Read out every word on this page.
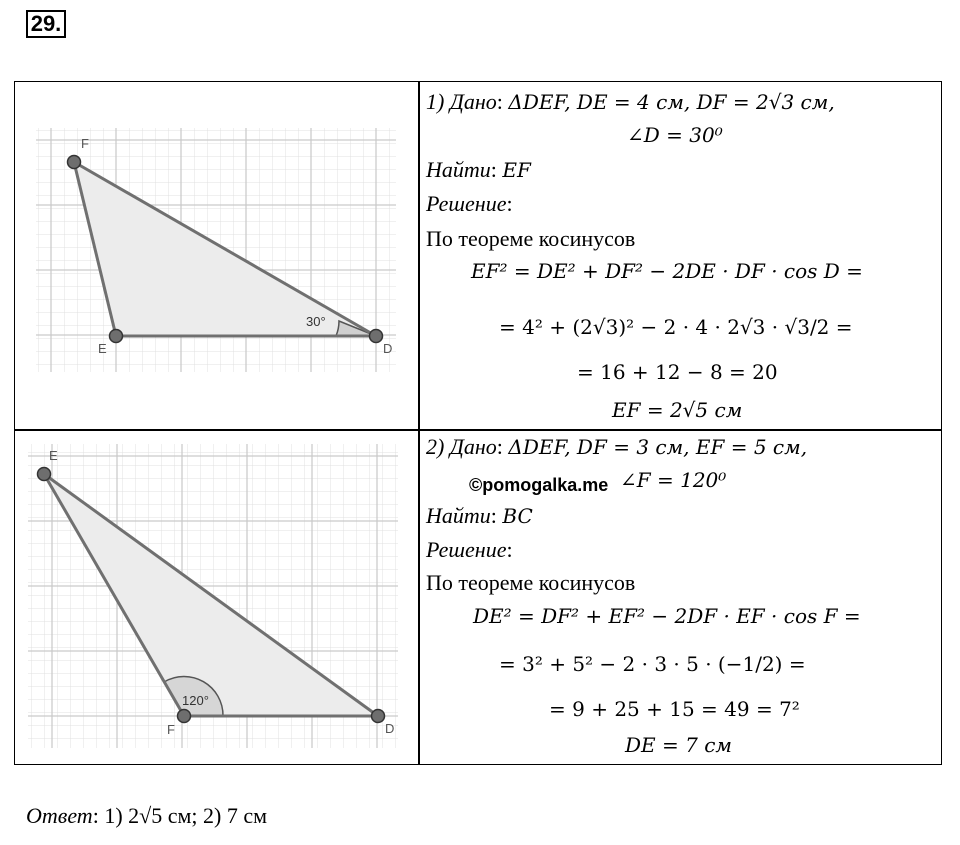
29.
F
E	D
30°
E
F	D
120°
1) Дано: ΔDEF, DE = 4 см, DF = 2√3 см,
∠D = 30⁰
Найти: EF
Решение:
По теореме косинусов
EF² = DE² + DF² − 2DE · DF · cos D =
= 4² + (2√3)² − 2 · 4 · 2√3 · √3/2 =
= 16 + 12 − 8 = 20
EF = 2√5 см
2) Дано: ΔDEF, DF = 3 см, EF = 5 см,
∠F = 120⁰
Найти: BC
Решение:
По теореме косинусов
DE² = DF² + EF² − 2DF · EF · cos F =
= 3² + 5² − 2 · 3 · 5 · (−1/2) =
= 9 + 25 + 15 = 49 = 7²
DE = 7 см
©pomogalka.me
Ответ: 1) 2√5 см; 2) 7 см
